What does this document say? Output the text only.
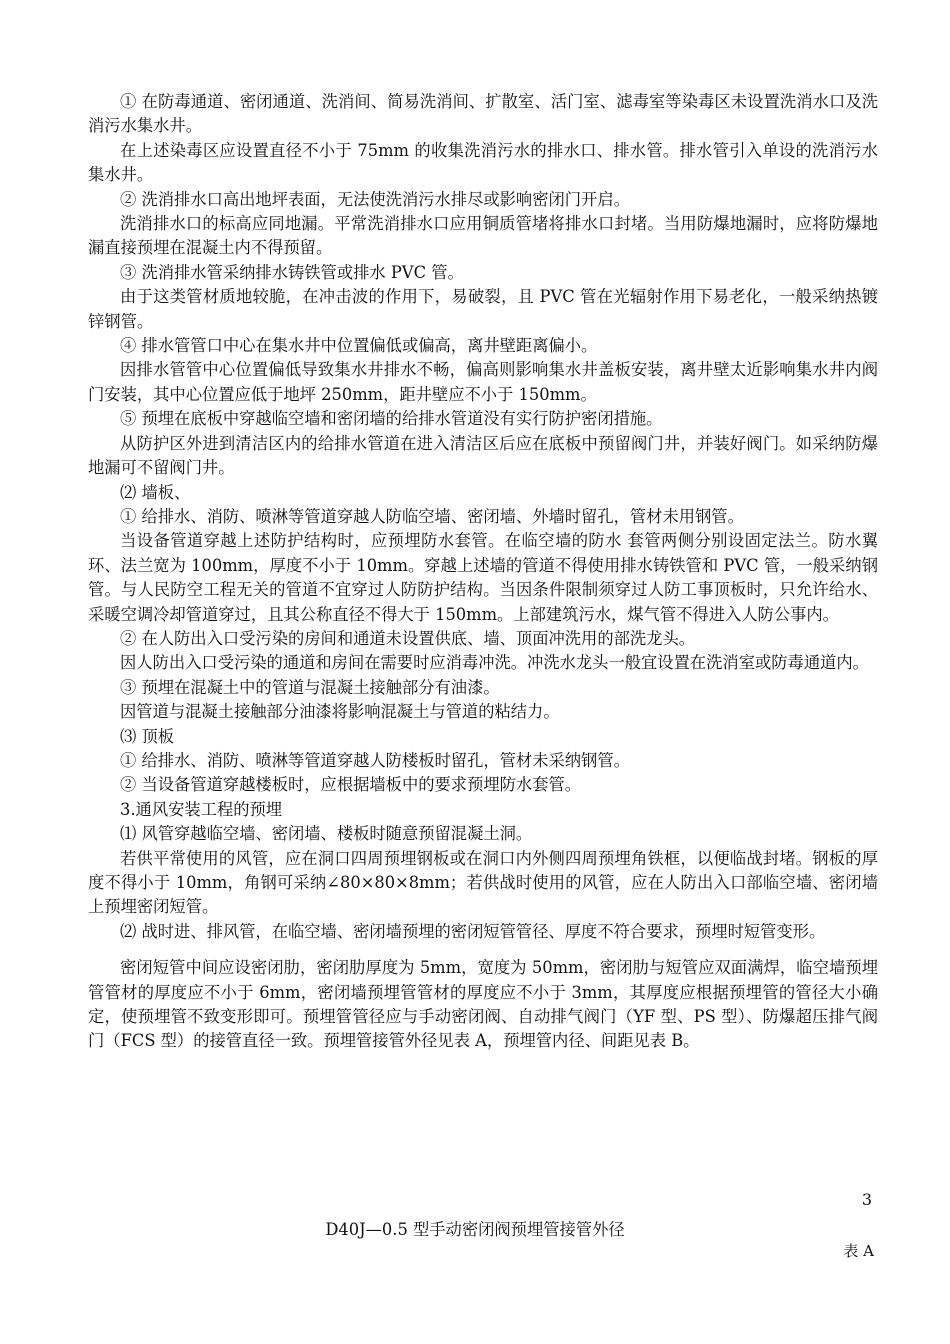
① 在防毒通道、密闭通道、洗消间、简易洗消间、扩散室、活门室、滤毒室等染毒区未设置洗消水口及洗消污水集水井。

在上述染毒区应设置直径不小于 75mm 的收集洗消污水的排水口、排水管。排水管引入单设的洗消污水集水井。

② 洗消排水口高出地坪表面，无法使洗消污水排尽或影响密闭门开启。

洗消排水口的标高应同地漏。平常洗消排水口应用铜质管堵将排水口封堵。当用防爆地漏时，应将防爆地漏直接预埋在混凝土内不得预留。

③ 洗消排水管采纳排水铸铁管或排水 PVC 管。

由于这类管材质地较脆，在冲击波的作用下，易破裂，且 PVC 管在光辐射作用下易老化，一般采纳热镀锌钢管。

④ 排水管管口中心在集水井中位置偏低或偏高，离井壁距离偏小。

因排水管管中心位置偏低导致集水井排水不畅，偏高则影响集水井盖板安装，离井壁太近影响集水井内阀门安装，其中心位置应低于地坪 250mm，距井壁应不小于 150mm。

⑤ 预埋在底板中穿越临空墙和密闭墙的给排水管道没有实行防护密闭措施。

从防护区外进到清洁区内的给排水管道在进入清洁区后应在底板中预留阀门井，并装好阀门。如采纳防爆地漏可不留阀门井。

⑵ 墙板、

① 给排水、消防、喷淋等管道穿越人防临空墙、密闭墙、外墙时留孔，管材未用钢管。

当设备管道穿越上述防护结构时，应预埋防水套管。在临空墙的防水 套管两侧分别设固定法兰。防水翼环、法兰宽为 100mm，厚度不小于 10mm。穿越上述墙的管道不得使用排水铸铁管和 PVC 管，一般采纳钢管。与人民防空工程无关的管道不宜穿过人防防护结构。当因条件限制须穿过人防工事顶板时，只允许给水、采暖空调冷却管道穿过，且其公称直径不得大于 150mm。上部建筑污水，煤气管不得进入人防公事内。

② 在人防出入口受污染的房间和通道未设置供底、墙、顶面冲洗用的部洗龙头。

因人防出入口受污染的通道和房间在需要时应消毒冲洗。冲洗水龙头一般宜设置在洗消室或防毒通道内。

③ 预埋在混凝土中的管道与混凝土接触部分有油漆。

因管道与混凝土接触部分油漆将影响混凝土与管道的粘结力。

⑶ 顶板

① 给排水、消防、喷淋等管道穿越人防楼板时留孔，管材未采纳钢管。

② 当设备管道穿越楼板时，应根据墙板中的要求预埋防水套管。

3.通风安装工程的预埋

⑴ 风管穿越临空墙、密闭墙、楼板时随意预留混凝土洞。

若供平常使用的风管，应在洞口四周预埋钢板或在洞口内外侧四周预埋角铁框，以便临战封堵。钢板的厚度不得小于 10mm，角钢可采纳∠80×80×8mm；若供战时使用的风管，应在人防出入口部临空墙、密闭墙上预埋密闭短管。

⑵ 战时进、排风管，在临空墙、密闭墙预埋的密闭短管管径、厚度不符合要求，预埋时短管变形。

密闭短管中间应设密闭肋，密闭肋厚度为 5mm，宽度为 50mm，密闭肋与短管应双面满焊，临空墙预埋管管材的厚度应不小于 6mm，密闭墙预埋管管材的厚度应不小于 3mm，其厚度应根据预埋管的管径大小确定，使预埋管不致变形即可。预埋管管径应与手动密闭阀、自动排气阀门（YF 型、PS 型）、防爆超压排气阀门（FCS 型）的接管直径一致。预埋管接管外径见表 A，预埋管内径、间距见表 B。

3
D40J—0.5 型手动密闭阀预埋管接管外径
表 A
